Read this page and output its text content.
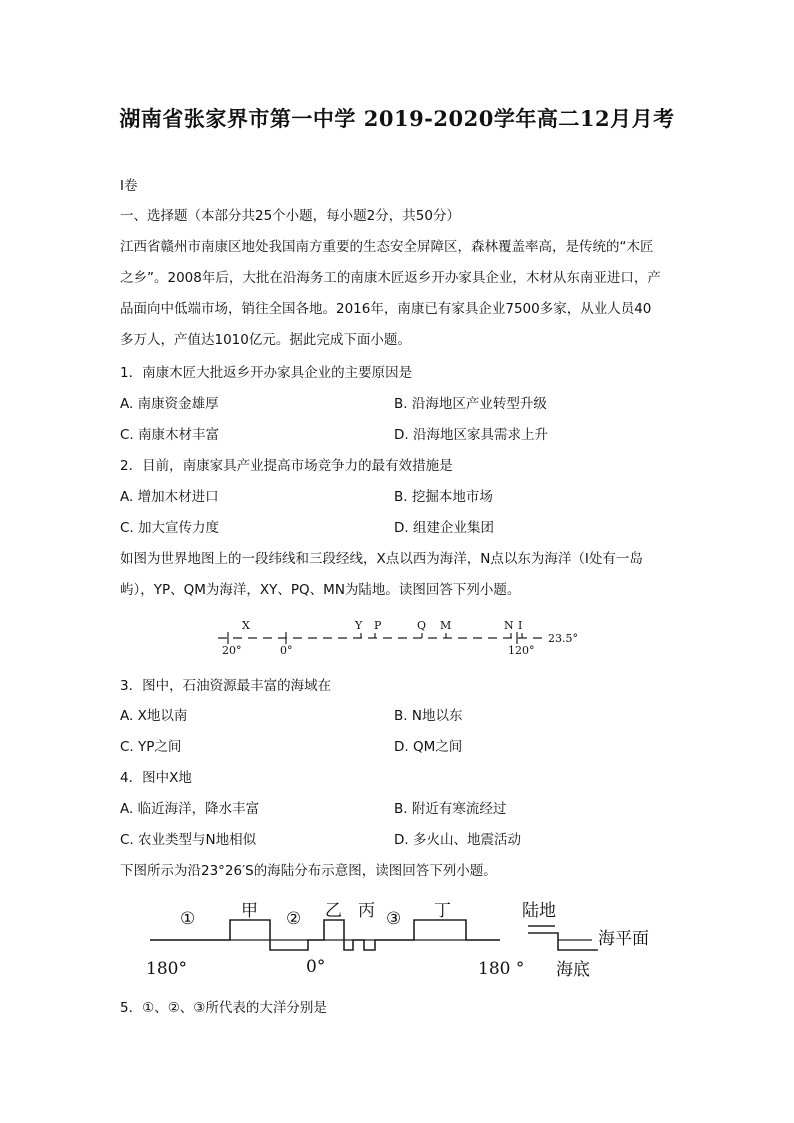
湖南省张家界市第一中学 2019-2020学年高二12月月考
I卷
一、选择题（本部分共25个小题，每小题2分，共50分）
江西省赣州市南康区地处我国南方重要的生态安全屏障区，森林覆盖率高，是传统的“木匠
之乡”。2008年后，大批在沿海务工的南康木匠返乡开办家具企业，木材从东南亚进口，产
品面向中低端市场，销往全国各地。2016年，南康已有家具企业7500多家，从业人员40
多万人，产值达1010亿元。据此完成下面小题。
1．南康木匠大批返乡开办家具企业的主要原因是
A. 南康资金雄厚	B. 沿海地区产业转型升级
C. 南康木材丰富	D. 沿海地区家具需求上升
2．目前，南康家具产业提高市场竞争力的最有效措施是
A. 增加木材进口	B. 挖掘本地市场
C. 加大宣传力度	D. 组建企业集团
如图为世界地图上的一段纬线和三段经线，X点以西为海洋，N点以东为海洋（I处有一岛
屿），YP、QM为海洋，XY、PQ、MN为陆地。读图回答下列小题。
X	Y P	Q M	N I
20°	0°	120°
23.5°
3．图中，石油资源最丰富的海域在
A. X地以南	B. N地以东
C. YP之间	D. QM之间
4．图中X地
A. 临近海洋，降水丰富	B. 附近有寒流经过
C. 农业类型与N地相似	D. 多火山、地震活动
下图所示为沿23°26′S的海陆分布示意图，读图回答下列小题。
①	甲 ② 乙 丙 ③ 丁
180°	0°	180 °
陆地
海平面
海底
5．①、②、③所代表的大洋分别是
